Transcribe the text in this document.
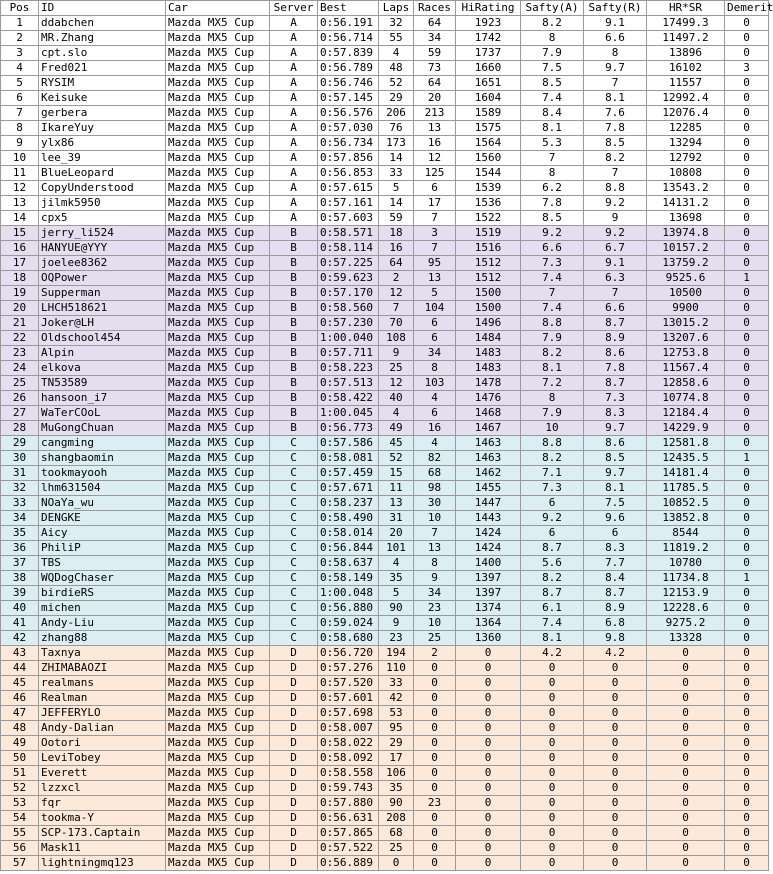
Pos	ID	Car	Server	Best	Laps	Races	HiRating	Safty(A)	Safty(R)	HR*SR	Demerit
1	ddabchen	Mazda MX5 Cup	A	0:56.191	32	64	1923	8.2	9.1	17499.3	0
2	MR.Zhang	Mazda MX5 Cup	A	0:56.714	55	34	1742	8	6.6	11497.2	0
3	cpt.slo	Mazda MX5 Cup	A	0:57.839	4	59	1737	7.9	8	13896	0
4	Fred021	Mazda MX5 Cup	A	0:56.789	48	73	1660	7.5	9.7	16102	3
5	RYSIM	Mazda MX5 Cup	A	0:56.746	52	64	1651	8.5	7	11557	0
6	Keisuke	Mazda MX5 Cup	A	0:57.145	29	20	1604	7.4	8.1	12992.4	0
7	gerbera	Mazda MX5 Cup	A	0:56.576	206	213	1589	8.4	7.6	12076.4	0
8	IkareYuy	Mazda MX5 Cup	A	0:57.030	76	13	1575	8.1	7.8	12285	0
9	ylx86	Mazda MX5 Cup	A	0:56.734	173	16	1564	5.3	8.5	13294	0
10	lee_39	Mazda MX5 Cup	A	0:57.856	14	12	1560	7	8.2	12792	0
11	BlueLeopard	Mazda MX5 Cup	A	0:56.853	33	125	1544	8	7	10808	0
12	CopyUnderstood	Mazda MX5 Cup	A	0:57.615	5	6	1539	6.2	8.8	13543.2	0
13	jilmk5950	Mazda MX5 Cup	A	0:57.161	14	17	1536	7.8	9.2	14131.2	0
14	cpx5	Mazda MX5 Cup	A	0:57.603	59	7	1522	8.5	9	13698	0
15	jerry_li524	Mazda MX5 Cup	B	0:58.571	18	3	1519	9.2	9.2	13974.8	0
16	HANYUE@YYY	Mazda MX5 Cup	B	0:58.114	16	7	1516	6.6	6.7	10157.2	0
17	joelee8362	Mazda MX5 Cup	B	0:57.225	64	95	1512	7.3	9.1	13759.2	0
18	OQPower	Mazda MX5 Cup	B	0:59.623	2	13	1512	7.4	6.3	9525.6	1
19	Supperman	Mazda MX5 Cup	B	0:57.170	12	5	1500	7	7	10500	0
20	LHCH518621	Mazda MX5 Cup	B	0:58.560	7	104	1500	7.4	6.6	9900	0
21	Joker@LH	Mazda MX5 Cup	B	0:57.230	70	6	1496	8.8	8.7	13015.2	0
22	Oldschool454	Mazda MX5 Cup	B	1:00.040	108	6	1484	7.9	8.9	13207.6	0
23	Alpin	Mazda MX5 Cup	B	0:57.711	9	34	1483	8.2	8.6	12753.8	0
24	elkova	Mazda MX5 Cup	B	0:58.223	25	8	1483	8.1	7.8	11567.4	0
25	TN53589	Mazda MX5 Cup	B	0:57.513	12	103	1478	7.2	8.7	12858.6	0
26	hansoon_i7	Mazda MX5 Cup	B	0:58.422	40	4	1476	8	7.3	10774.8	0
27	WaTerCOoL	Mazda MX5 Cup	B	1:00.045	4	6	1468	7.9	8.3	12184.4	0
28	MuGongChuan	Mazda MX5 Cup	B	0:56.773	49	16	1467	10	9.7	14229.9	0
29	cangming	Mazda MX5 Cup	C	0:57.586	45	4	1463	8.8	8.6	12581.8	0
30	shangbaomin	Mazda MX5 Cup	C	0:58.081	52	82	1463	8.2	8.5	12435.5	1
31	tookmayooh	Mazda MX5 Cup	C	0:57.459	15	68	1462	7.1	9.7	14181.4	0
32	lhm631504	Mazda MX5 Cup	C	0:57.671	11	98	1455	7.3	8.1	11785.5	0
33	NOaYa_wu	Mazda MX5 Cup	C	0:58.237	13	30	1447	6	7.5	10852.5	0
34	DENGKE	Mazda MX5 Cup	C	0:58.490	31	10	1443	9.2	9.6	13852.8	0
35	Aicy	Mazda MX5 Cup	C	0:58.014	20	7	1424	6	6	8544	0
36	PhiliP	Mazda MX5 Cup	C	0:56.844	101	13	1424	8.7	8.3	11819.2	0
37	TBS	Mazda MX5 Cup	C	0:58.637	4	8	1400	5.6	7.7	10780	0
38	WQDogChaser	Mazda MX5 Cup	C	0:58.149	35	9	1397	8.2	8.4	11734.8	1
39	birdieRS	Mazda MX5 Cup	C	1:00.048	5	34	1397	8.7	8.7	12153.9	0
40	michen	Mazda MX5 Cup	C	0:56.880	90	23	1374	6.1	8.9	12228.6	0
41	Andy-Liu	Mazda MX5 Cup	C	0:59.024	9	10	1364	7.4	6.8	9275.2	0
42	zhang88	Mazda MX5 Cup	C	0:58.680	23	25	1360	8.1	9.8	13328	0
43	Taxnya	Mazda MX5 Cup	D	0:56.720	194	2	0	4.2	4.2	0	0
44	ZHIMABAOZI	Mazda MX5 Cup	D	0:57.276	110	0	0	0	0	0	0
45	realmans	Mazda MX5 Cup	D	0:57.520	33	0	0	0	0	0	0
46	Realman	Mazda MX5 Cup	D	0:57.601	42	0	0	0	0	0	0
47	JEFFERYLO	Mazda MX5 Cup	D	0:57.698	53	0	0	0	0	0	0
48	Andy-Dalian	Mazda MX5 Cup	D	0:58.007	95	0	0	0	0	0	0
49	Ootori	Mazda MX5 Cup	D	0:58.022	29	0	0	0	0	0	0
50	LeviTobey	Mazda MX5 Cup	D	0:58.092	17	0	0	0	0	0	0
51	Everett	Mazda MX5 Cup	D	0:58.558	106	0	0	0	0	0	0
52	lzzxcl	Mazda MX5 Cup	D	0:59.743	35	0	0	0	0	0	0
53	fqr	Mazda MX5 Cup	D	0:57.880	90	23	0	0	0	0	0
54	tookma-Y	Mazda MX5 Cup	D	0:56.631	208	0	0	0	0	0	0
55	SCP-173.Captain	Mazda MX5 Cup	D	0:57.865	68	0	0	0	0	0	0
56	Mask11	Mazda MX5 Cup	D	0:57.522	25	0	0	0	0	0	0
57	lightningmq123	Mazda MX5 Cup	D	0:56.889	0	0	0	0	0	0	0
